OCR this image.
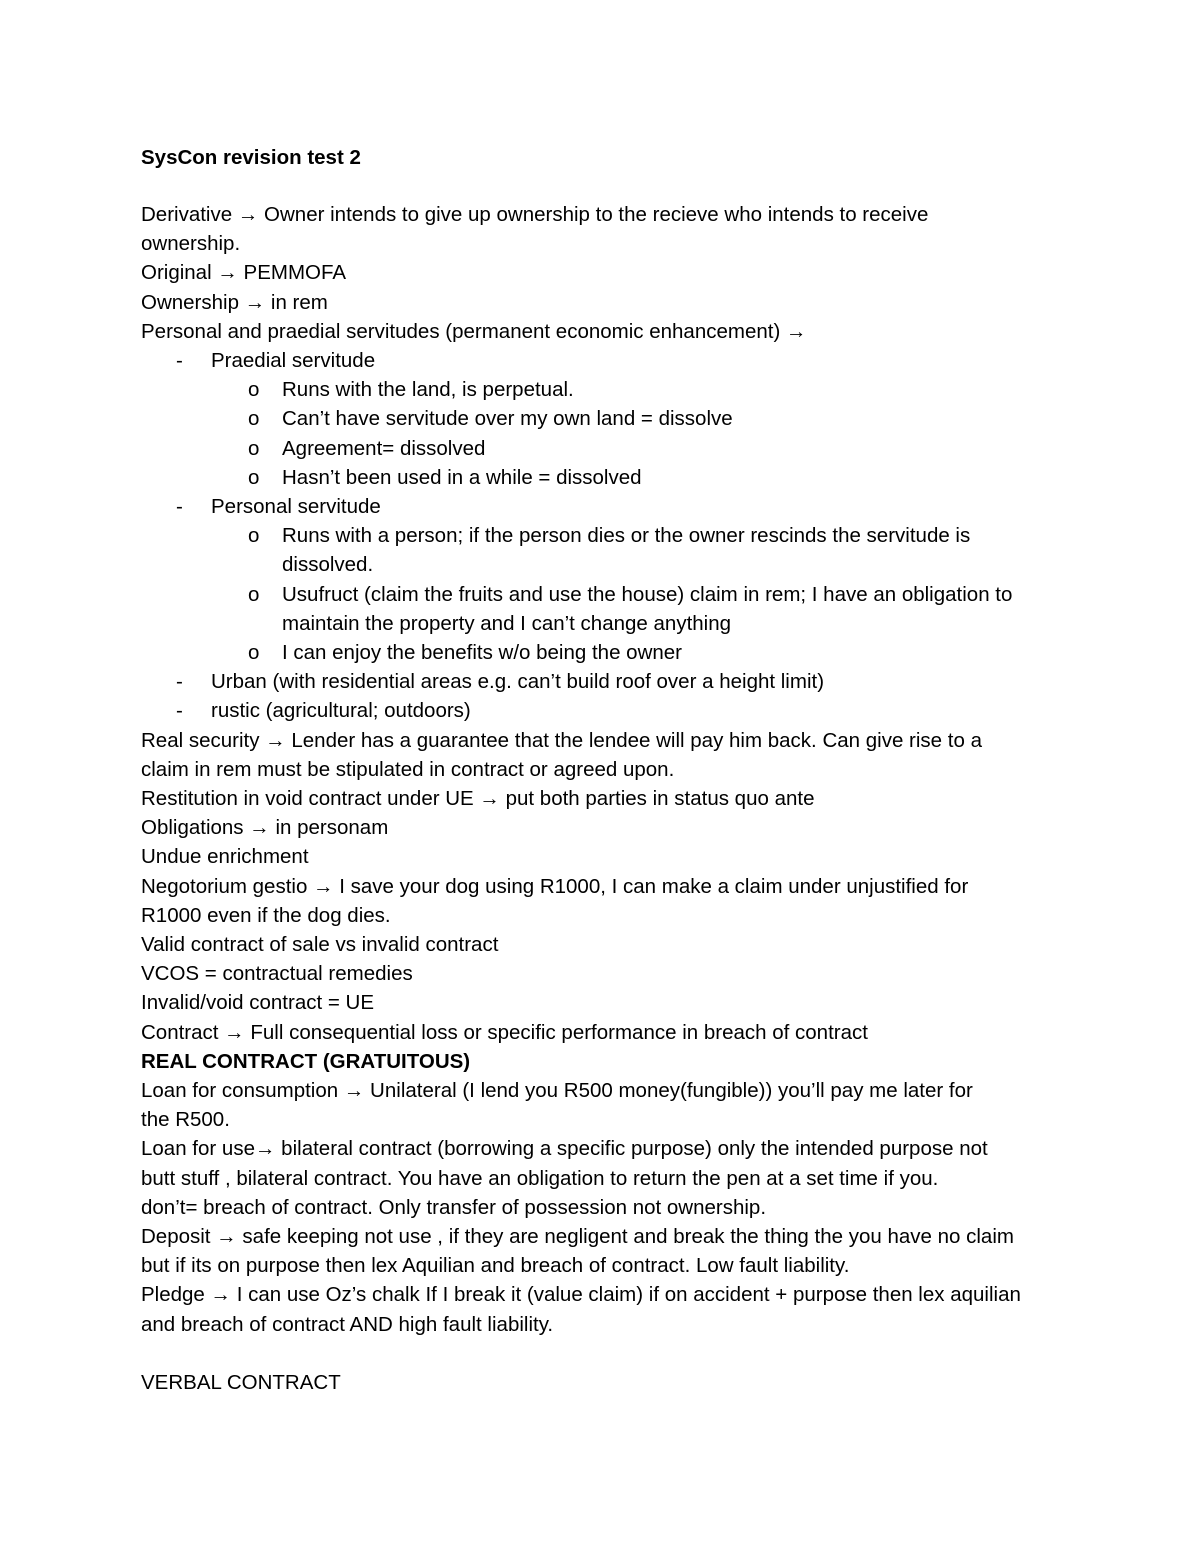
SysCon revision test 2
Derivative → Owner intends to give up ownership to the recieve who intends to receive
ownership.
Original → PEMMOFA
Ownership → in rem
Personal and praedial servitudes (permanent economic enhancement) →
- Praedial servitude
o Runs with the land, is perpetual.
o Can’t have servitude over my own land = dissolve
o Agreement= dissolved
o Hasn’t been used in a while = dissolved
- Personal servitude
o Runs with a person; if the person dies or the owner rescinds the servitude is
dissolved.
o Usufruct (claim the fruits and use the house) claim in rem; I have an obligation to
maintain the property and I can’t change anything
o I can enjoy the benefits w/o being the owner
- Urban (with residential areas e.g. can’t build roof over a height limit)
- rustic (agricultural; outdoors)
Real security → Lender has a guarantee that the lendee will pay him back. Can give rise to a
claim in rem must be stipulated in contract or agreed upon.
Restitution in void contract under UE → put both parties in status quo ante
Obligations → in personam
Undue enrichment
Negotorium gestio → I save your dog using R1000, I can make a claim under unjustified for
R1000 even if the dog dies.
Valid contract of sale vs invalid contract
VCOS = contractual remedies
Invalid/void contract = UE
Contract → Full consequential loss or specific performance in breach of contract
REAL CONTRACT (GRATUITOUS)
Loan for consumption → Unilateral (I lend you R500 money(fungible)) you’ll pay me later for
the R500.
Loan for use→ bilateral contract (borrowing a specific purpose) only the intended purpose not
butt stuff , bilateral contract. You have an obligation to return the pen at a set time if you.
don’t= breach of contract. Only transfer of possession not ownership.
Deposit → safe keeping not use , if they are negligent and break the thing the you have no claim
but if its on purpose then lex Aquilian and breach of contract. Low fault liability.
Pledge → I can use Oz’s chalk If I break it (value claim) if on accident + purpose then lex aquilian
and breach of contract AND high fault liability.
VERBAL CONTRACT
